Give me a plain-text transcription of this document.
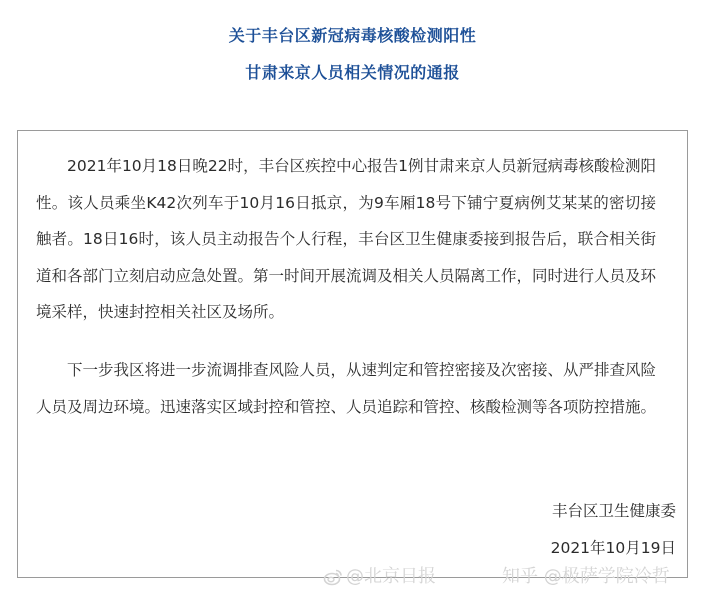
关于丰台区新冠病毒核酸检测阳性
甘肃来京人员相关情况的通报

2021年10月18日晚22时，丰台区疾控中心报告1例甘肃来京人员新冠病毒核酸检测阳性。该人员乘坐K42次列车于10月16日抵京，为9车厢18号下铺宁夏病例艾某某的密切接触者。18日16时，该人员主动报告个人行程，丰台区卫生健康委接到报告后，联合相关街道和各部门立刻启动应急处置。第一时间开展流调及相关人员隔离工作，同时进行人员及环境采样，快速封控相关社区及场所。

下一步我区将进一步流调排查风险人员，从速判定和管控密接及次密接、从严排查风险人员及周边环境。迅速落实区域封控和管控、人员追踪和管控、核酸检测等各项防控措施。

丰台区卫生健康委
2021年10月19日
@北京日报	知乎 @极萨学院冷哲
